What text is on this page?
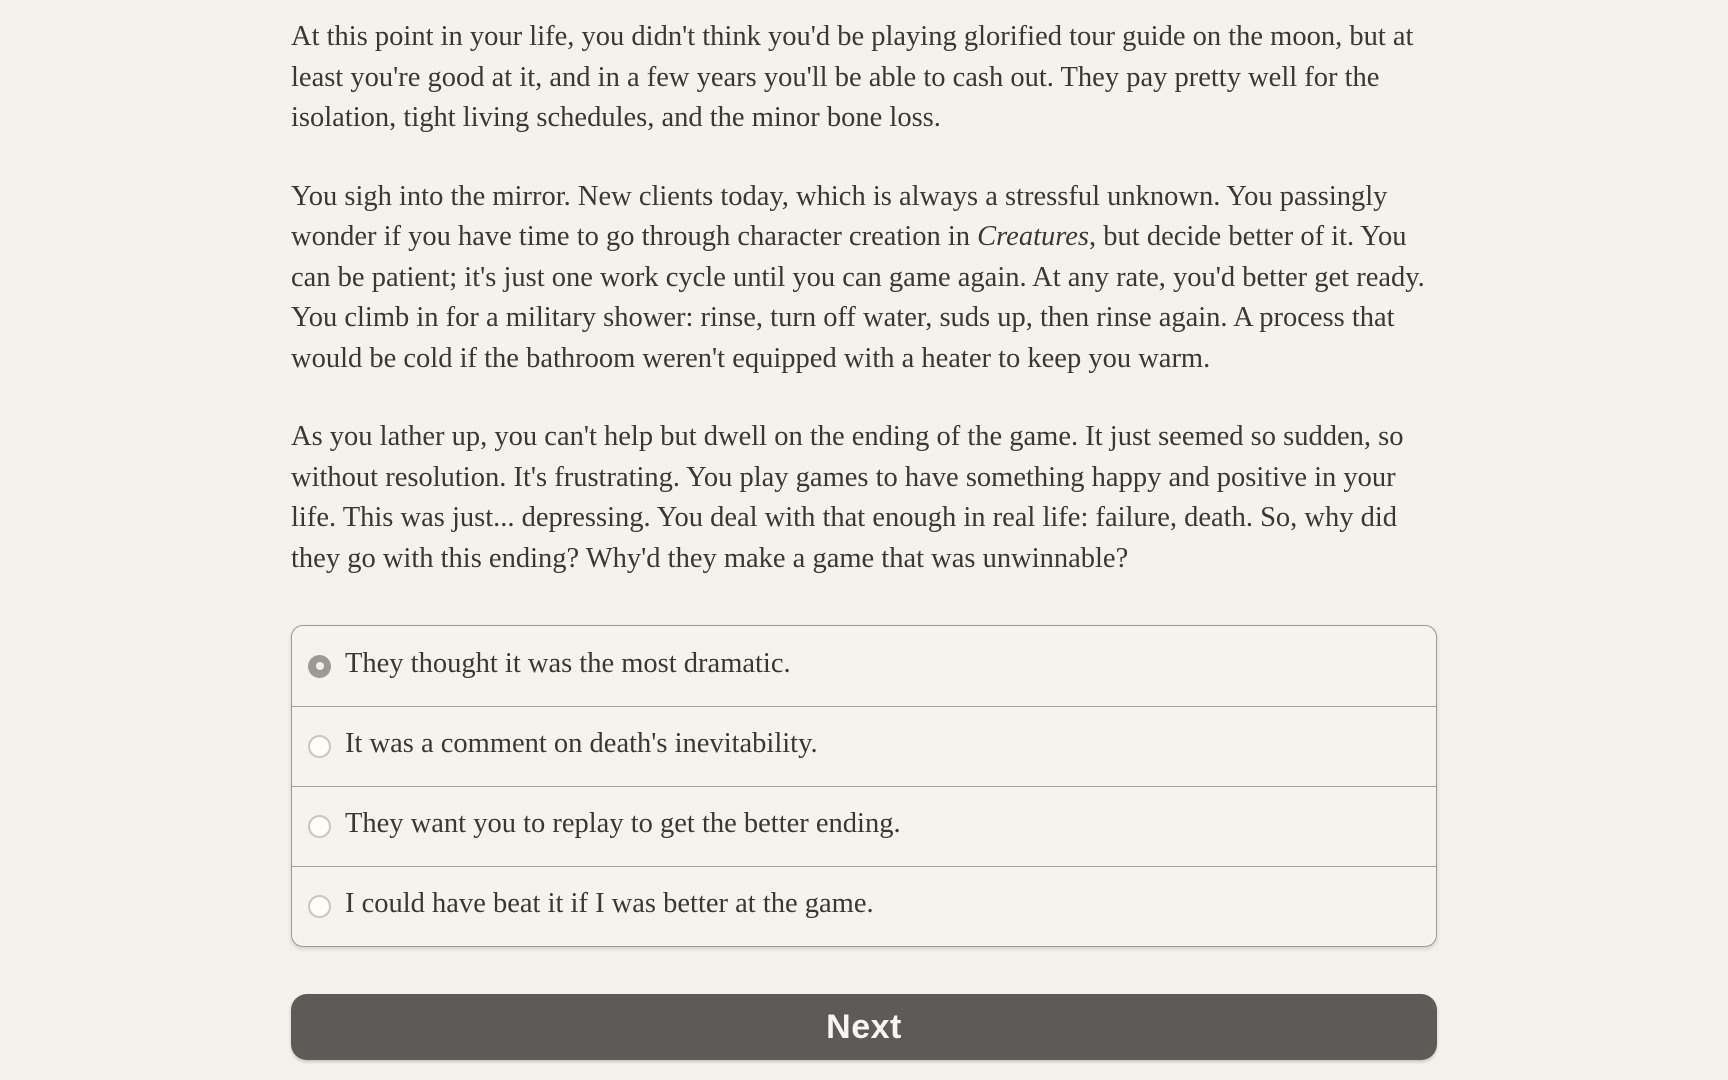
At this point in your life, you didn't think you'd be playing glorified tour guide on the moon, but at least you're good at it, and in a few years you'll be able to cash out. They pay pretty well for the isolation, tight living schedules, and the minor bone loss.

You sigh into the mirror. New clients today, which is always a stressful unknown. You passingly wonder if you have time to go through character creation in Creatures, but decide better of it. You can be patient; it's just one work cycle until you can game again. At any rate, you'd better get ready. You climb in for a military shower: rinse, turn off water, suds up, then rinse again. A process that would be cold if the bathroom weren't equipped with a heater to keep you warm.

As you lather up, you can't help but dwell on the ending of the game. It just seemed so sudden, so without resolution. It's frustrating. You play games to have something happy and positive in your life. This was just... depressing. You deal with that enough in real life: failure, death. So, why did they go with this ending? Why'd they make a game that was unwinnable?

They thought it was the most dramatic.
It was a comment on death's inevitability.
They want you to replay to get the better ending.
I could have beat it if I was better at the game.
Next
